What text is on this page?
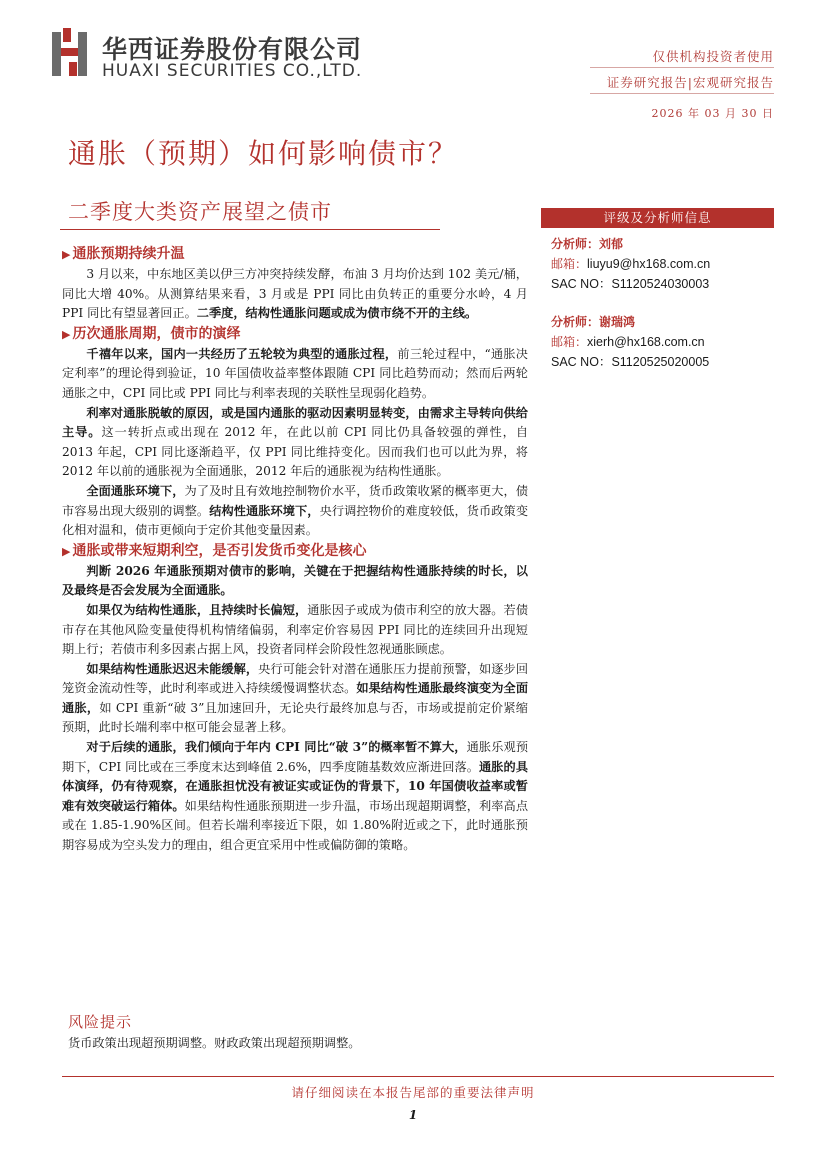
华西证券股份有限公司
HUAXI SECURITIES CO.,LTD.
仅供机构投资者使用
证券研究报告|宏观研究报告
2026 年 03 月 30 日
通胀（预期）如何影响债市？
二季度大类资产展望之债市
▶ 通胀预期持续升温

3 月以来，中东地区美以伊三方冲突持续发酵，布油 3 月均价达到 102 美元/桶，同比大增 40%。从测算结果来看，3 月或是 PPI 同比由负转正的重要分水岭，4 月 PPI 同比有望显著回正。二季度，结构性通胀问题或成为债市绕不开的主线。

▶ 历次通胀周期，债市的演绎

千禧年以来，国内一共经历了五轮较为典型的通胀过程，前三轮过程中，“通胀决定利率”的理论得到验证，10 年国债收益率整体跟随 CPI 同比趋势而动；然而后两轮通胀之中，CPI 同比或 PPI 同比与利率表现的关联性呈现弱化趋势。

利率对通胀脱敏的原因，或是国内通胀的驱动因素明显转变，由需求主导转向供给主导。这一转折点或出现在 2012 年，在此以前 CPI 同比仍具备较强的弹性，自 2013 年起，CPI 同比逐渐趋平，仅 PPI 同比维持变化。因而我们也可以此为界，将 2012 年以前的通胀视为全面通胀，2012 年后的通胀视为结构性通胀。

全面通胀环境下，为了及时且有效地控制物价水平，货币政策收紧的概率更大，债市容易出现大级别的调整。结构性通胀环境下，央行调控物价的难度较低，货币政策变化相对温和，债市更倾向于定价其他变量因素。

▶ 通胀或带来短期利空，是否引发货币变化是核心

判断 2026 年通胀预期对债市的影响，关键在于把握结构性通胀持续的时长，以及最终是否会发展为全面通胀。

如果仅为结构性通胀，且持续时长偏短，通胀因子或成为债市利空的放大器。若债市存在其他风险变量使得机构情绪偏弱，利率定价容易因 PPI 同比的连续回升出现短期上行；若债市利多因素占据上风，投资者同样会阶段性忽视通胀顾虑。

如果结构性通胀迟迟未能缓解，央行可能会针对潜在通胀压力提前预警，如逐步回笼资金流动性等，此时利率或进入持续缓慢调整状态。如果结构性通胀最终演变为全面通胀，如 CPI 重新“破 3”且加速回升，无论央行最终加息与否，市场或提前定价紧缩预期，此时长端利率中枢可能会显著上移。

对于后续的通胀，我们倾向于年内 CPI 同比“破 3”的概率暂不算大，通胀乐观预期下，CPI 同比或在三季度末达到峰值 2.6%，四季度随基数效应渐进回落。通胀的具体演绎，仍有待观察，在通胀担忧没有被证实或证伪的背景下，10 年国债收益率或暂难有效突破运行箱体。如果结构性通胀预期进一步升温，市场出现超期调整，利率高点或在 1.85-1.90%区间。但若长端利率接近下限，如 1.80%附近或之下，此时通胀预期容易成为空头发力的理由，组合更宜采用中性或偏防御的策略。

评级及分析师信息
分析师：刘郁
邮箱：liuyu9@hx168.com.cn
SAC NO：S1120524030003
分析师：谢瑞鸿
邮箱：xierh@hx168.com.cn
SAC NO：S1120525020005
风险提示
货币政策出现超预期调整。财政政策出现超预期调整。
请仔细阅读在本报告尾部的重要法律声明
1
